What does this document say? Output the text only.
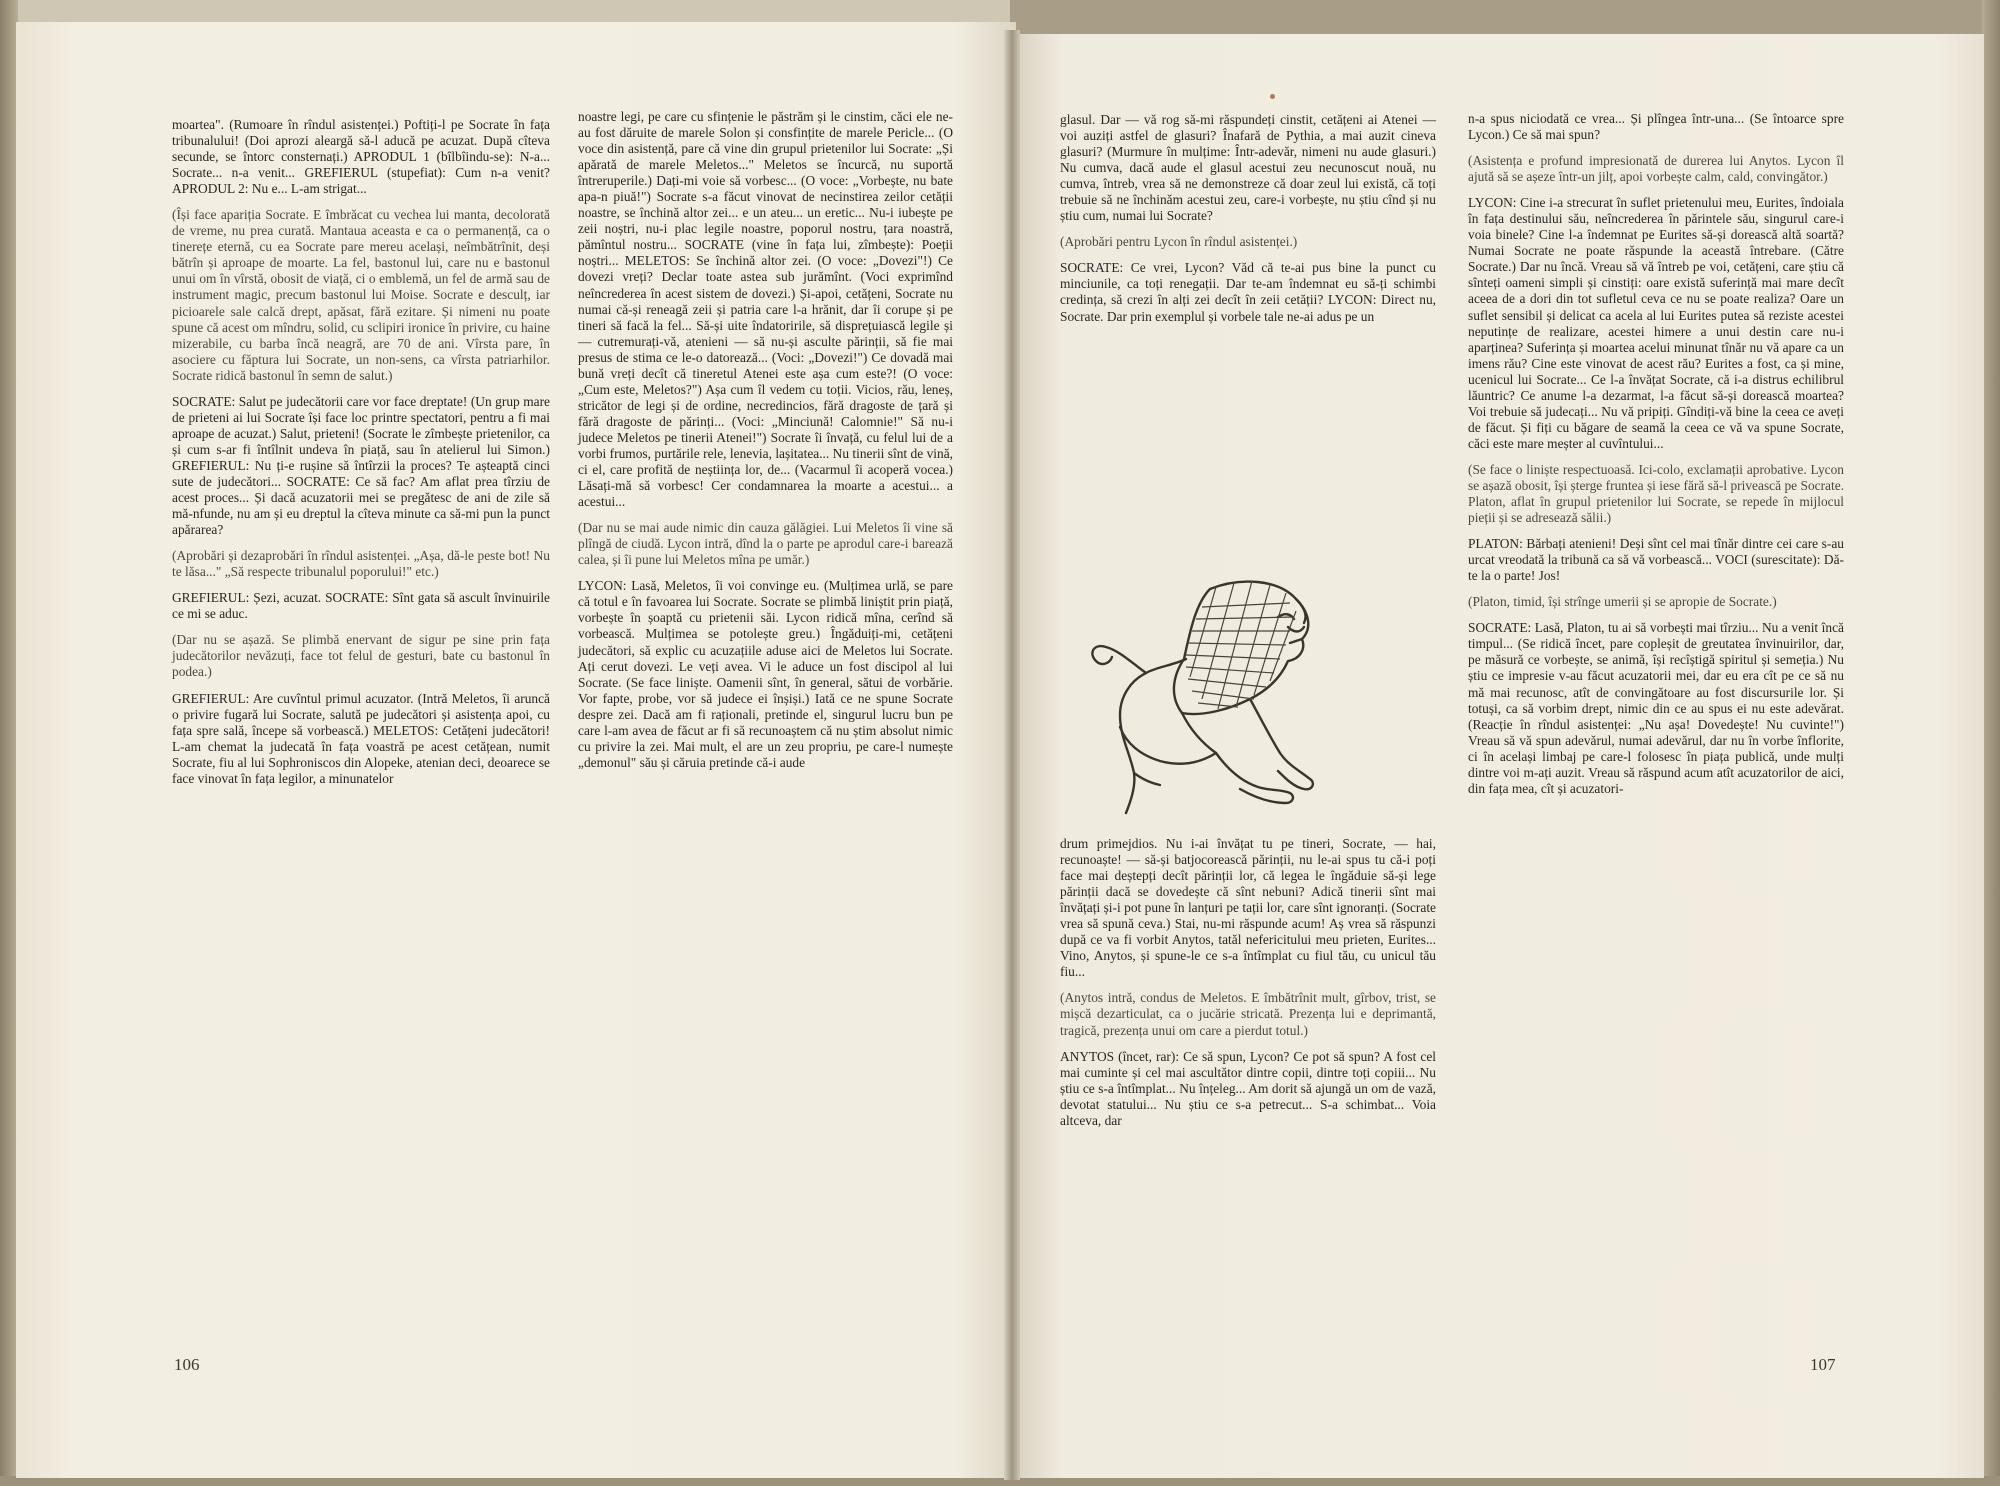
moartea". (Rumoare în rîndul asistenței.) Poftiți-l pe Socrate în fața tribunalului! (Doi aprozi aleargă să-l aducă pe acuzat. După cîteva secunde, se întorc consternați.) APRODUL 1 (bîlbîindu-se): N-a... Socrate... n-a venit... GREFIERUL (stupefiat): Cum n-a venit? APRODUL 2: Nu e... L-am strigat...

(Își face apariția Socrate. E îmbrăcat cu vechea lui manta, decolorată de vreme, nu prea curată. Mantaua aceasta e ca o permanență, ca o tinerețe eternă, cu ea Socrate pare mereu același, neîmbătrînit, deși bătrîn și aproape de moarte. La fel, bastonul lui, care nu e bastonul unui om în vîrstă, obosit de viață, ci o emblemă, un fel de armă sau de instrument magic, precum bastonul lui Moise. Socrate e desculț, iar picioarele sale calcă drept, apăsat, fără ezitare. Și nimeni nu poate spune că acest om mîndru, solid, cu sclipiri ironice în privire, cu haine mizerabile, cu barba încă neagră, are 70 de ani. Vîrsta pare, în asociere cu făptura lui Socrate, un non-sens, ca vîrsta patriarhilor. Socrate ridică bastonul în semn de salut.)

SOCRATE: Salut pe judecătorii care vor face dreptate! (Un grup mare de prieteni ai lui Socrate își face loc printre spectatori, pentru a fi mai aproape de acuzat.) Salut, prieteni! (Socrate le zîmbește prietenilor, ca și cum s-ar fi întîlnit undeva în piață, sau în atelierul lui Simon.) GREFIERUL: Nu ți-e rușine să întîrzii la proces? Te așteaptă cinci sute de judecători... SOCRATE: Ce să fac? Am aflat prea tîrziu de acest proces... Și dacă acuzatorii mei se pregătesc de ani de zile să mă-nfunde, nu am și eu dreptul la cîteva minute ca să-mi pun la punct apărarea?

(Aprobări și dezaprobări în rîndul asistenței. „Așa, dă-le peste bot! Nu te lăsa..." „Să respecte tribunalul poporului!" etc.)

GREFIERUL: Șezi, acuzat. SOCRATE: Sînt gata să ascult învinuirile ce mi se aduc.

(Dar nu se așază. Se plimbă enervant de sigur pe sine prin fața judecătorilor nevăzuți, face tot felul de gesturi, bate cu bastonul în podea.)

GREFIERUL: Are cuvîntul primul acuzator. (Intră Meletos, îi aruncă o privire fugară lui Socrate, salută pe judecători și asistența apoi, cu fața spre sală, începe să vorbească.) MELETOS: Cetățeni judecători! L-am chemat la judecată în fața voastră pe acest cetățean, numit Socrate, fiu al lui Sophroniscos din Alopeke, atenian deci, deoarece se face vinovat în fața legilor, a minunatelor

noastre legi, pe care cu sfințenie le păstrăm și le cinstim, căci ele ne-au fost dăruite de marele Solon și consfințite de marele Pericle... (O voce din asistență, pare că vine din grupul prietenilor lui Socrate: „Și apărată de marele Meletos..." Meletos se încurcă, nu suportă întreruperile.) Dați-mi voie să vorbesc... (O voce: „Vorbește, nu bate apa-n piuă!") Socrate s-a făcut vinovat de necinstirea zeilor cetății noastre, se închină altor zei... e un ateu... un eretic... Nu-i iubește pe zeii noștri, nu-i plac legile noastre, poporul nostru, țara noastră, pămîntul nostru... SOCRATE (vine în fața lui, zîmbește): Poeții noștri... MELETOS: Se închină altor zei. (O voce: „Dovezi"!) Ce dovezi vreți? Declar toate astea sub jurămînt. (Voci exprimînd neîncrederea în acest sistem de dovezi.) Și-apoi, cetățeni, Socrate nu numai că-și reneagă zeii și patria care l-a hrănit, dar îi corupe și pe tineri să facă la fel... Să-și uite îndatoririle, să disprețuiască legile și — cutremurați-vă, atenieni — să nu-și asculte părinții, să fie mai presus de stima ce le-o datorează... (Voci: „Dovezi!") Ce dovadă mai bună vreți decît că tineretul Atenei este așa cum este?! (O voce: „Cum este, Meletos?") Așa cum îl vedem cu toții. Vicios, rău, leneș, stricător de legi și de ordine, necredincios, fără dragoste de țară și fără dragoste de părinți... (Voci: „Minciună! Calomnie!" Să nu-i judece Meletos pe tinerii Atenei!") Socrate îi învață, cu felul lui de a vorbi frumos, purtările rele, lenevia, lașitatea... Nu tinerii sînt de vină, ci el, care profită de neștiința lor, de... (Vacarmul îi acoperă vocea.) Lăsați-mă să vorbesc! Cer condamnarea la moarte a acestui... a acestui...

(Dar nu se mai aude nimic din cauza gălăgiei. Lui Meletos îi vine să plîngă de ciudă. Lycon intră, dînd la o parte pe aprodul care-i barează calea, și îi pune lui Meletos mîna pe umăr.)

LYCON: Lasă, Meletos, îi voi convinge eu. (Mulțimea urlă, se pare că totul e în favoarea lui Socrate. Socrate se plimbă liniștit prin piață, vorbește în șoaptă cu prietenii săi. Lycon ridică mîna, cerînd să vorbească. Mulțimea se potolește greu.) Îngăduiți-mi, cetățeni judecători, să explic cu acuzațiile aduse aici de Meletos lui Socrate. Ați cerut dovezi. Le veți avea. Vi le aduce un fost discipol al lui Socrate. (Se face liniște. Oamenii sînt, în general, sătui de vorbărie. Vor fapte, probe, vor să judece ei înșiși.) Iată ce ne spune Socrate despre zei. Dacă am fi raționali, pretinde el, singurul lucru bun pe care l-am avea de făcut ar fi să recunoaștem că nu știm absolut nimic cu privire la zei. Mai mult, el are un zeu propriu, pe care-l numește „demonul" său și căruia pretinde că-i aude

106

glasul. Dar — vă rog să-mi răspundeți cinstit, cetățeni ai Atenei — voi auziți astfel de glasuri? Înafară de Pythia, a mai auzit cineva glasuri? (Murmure în mulțime: Într-adevăr, nimeni nu aude glasuri.) Nu cumva, dacă aude el glasul acestui zeu necunoscut nouă, nu cumva, întreb, vrea să ne demonstreze că doar zeul lui există, că toți trebuie să ne închinăm acestui zeu, care-i vorbește, nu știu cînd și nu știu cum, numai lui Socrate?

(Aprobări pentru Lycon în rîndul asistenței.)

SOCRATE: Ce vrei, Lycon? Văd că te-ai pus bine la punct cu minciunile, ca toți renegații. Dar te-am îndemnat eu să-ți schimbi credința, să crezi în alți zei decît în zeii cetății? LYCON: Direct nu, Socrate. Dar prin exemplul și vorbele tale ne-ai adus pe un

drum primejdios. Nu i-ai învățat tu pe tineri, Socrate, — hai, recunoaște! — să-și batjocorească părinții, nu le-ai spus tu că-i poți face mai deștepți decît părinții lor, că legea le îngăduie să-și lege părinții dacă se dovedește că sînt nebuni? Adică tinerii sînt mai învățați și-i pot pune în lanțuri pe tații lor, care sînt ignoranți. (Socrate vrea să spună ceva.) Stai, nu-mi răspunde acum! Aș vrea să răspunzi după ce va fi vorbit Anytos, tatăl nefericitului meu prieten, Eurites... Vino, Anytos, și spune-le ce s-a întîmplat cu fiul tău, cu unicul tău fiu...

(Anytos intră, condus de Meletos. E îmbătrînit mult, gîrbov, trist, se mișcă dezarticulat, ca o jucărie stricată. Prezența lui e deprimantă, tragică, prezența unui om care a pierdut totul.)

ANYTOS (încet, rar): Ce să spun, Lycon? Ce pot să spun? A fost cel mai cuminte și cel mai ascultător dintre copii, dintre toți copiii... Nu știu ce s-a întîmplat... Nu înțeleg... Am dorit să ajungă un om de vază, devotat statului... Nu știu ce s-a petrecut... S-a schimbat... Voia altceva, dar

n-a spus niciodată ce vrea... Și plîngea într-una... (Se întoarce spre Lycon.) Ce să mai spun?

(Asistența e profund impresionată de durerea lui Anytos. Lycon îl ajută să se așeze într-un jilț, apoi vorbește calm, cald, convingător.)

LYCON: Cine i-a strecurat în suflet prietenului meu, Eurites, îndoiala în fața destinului său, neîncrederea în părintele său, singurul care-i voia binele? Cine l-a îndemnat pe Eurites să-și dorească altă soartă? Numai Socrate ne poate răspunde la această întrebare. (Către Socrate.) Dar nu încă. Vreau să vă întreb pe voi, cetățeni, care știu că sînteți oameni simpli și cinstiți: oare există suferință mai mare decît aceea de a dori din tot sufletul ceva ce nu se poate realiza? Oare un suflet sensibil și delicat ca acela al lui Eurites putea să reziste acestei neputințe de realizare, acestei himere a unui destin care nu-i aparținea? Suferința și moartea acelui minunat tînăr nu vă apare ca un imens rău? Cine este vinovat de acest rău? Eurites a fost, ca și mine, ucenicul lui Socrate... Ce l-a învățat Socrate, că i-a distrus echilibrul lăuntric? Ce anume l-a dezarmat, l-a făcut să-și dorească moartea? Voi trebuie să judecați... Nu vă pripiți. Gîndiți-vă bine la ceea ce aveți de făcut. Și fiți cu băgare de seamă la ceea ce vă va spune Socrate, căci este mare meșter al cuvîntului...

(Se face o liniște respectuoasă. Ici-colo, exclamații aprobative. Lycon se așază obosit, își șterge fruntea și iese fără să-l privească pe Socrate. Platon, aflat în grupul prietenilor lui Socrate, se repede în mijlocul pieții și se adresează sălii.)

PLATON: Bărbați atenieni! Deși sînt cel mai tînăr dintre cei care s-au urcat vreodată la tribună ca să vă vorbească... VOCI (surescitate): Dă-te la o parte! Jos!

(Platon, timid, își strînge umerii și se apropie de Socrate.)

SOCRATE: Lasă, Platon, tu ai să vorbești mai tîrziu... Nu a venit încă timpul... (Se ridică încet, pare copleșit de greutatea învinuirilor, dar, pe măsură ce vorbește, se animă, își recîștigă spiritul și semeția.) Nu știu ce impresie v-au făcut acuzatorii mei, dar eu era cît pe ce să nu mă mai recunosc, atît de convingătoare au fost discursurile lor. Și totuși, ca să vorbim drept, nimic din ce au spus ei nu este adevărat. (Reacție în rîndul asistenței: „Nu așa! Dovedește! Nu cuvinte!") Vreau să vă spun adevărul, numai adevărul, dar nu în vorbe înflorite, ci în același limbaj pe care-l folosesc în piața publică, unde mulți dintre voi m-ați auzit. Vreau să răspund acum atît acuzatorilor de aici, din fața mea, cît și acuzatori-

107
